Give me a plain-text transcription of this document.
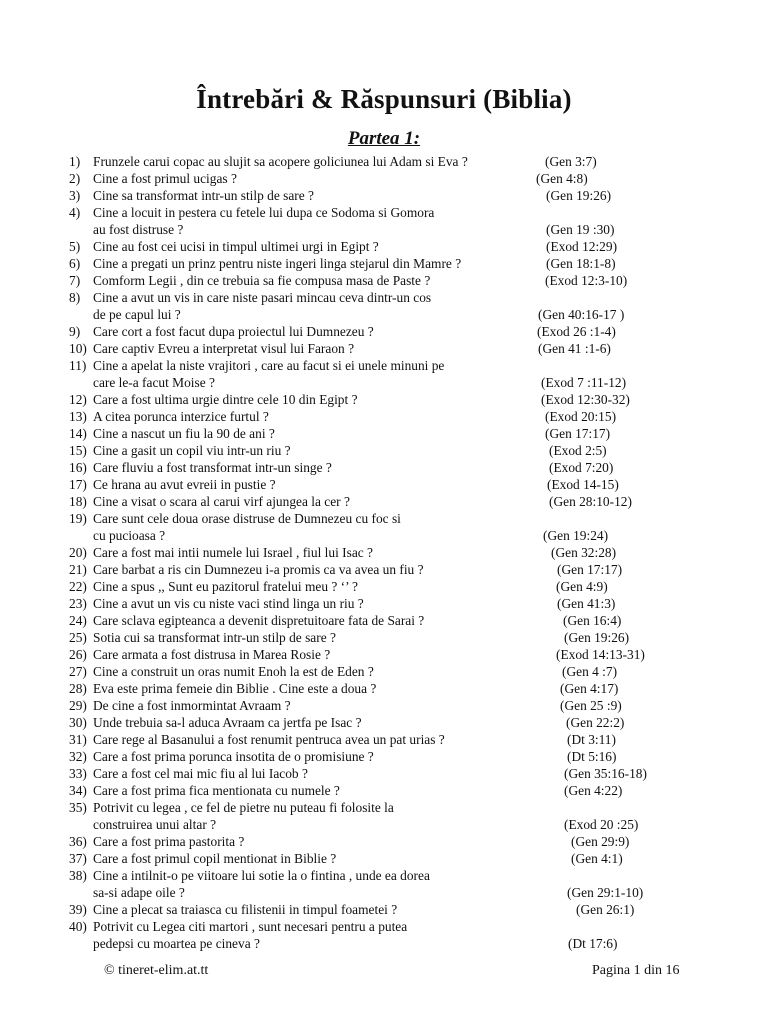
Întrebări & Răspunsuri (Biblia)
Partea 1:
1) Frunzele carui copac au slujit sa acopere goliciunea lui Adam si Eva ?	(Gen 3:7)
2) Cine a fost primul ucigas ?	(Gen 4:8)
3) Cine sa transformat intr-un stilp de sare ?	(Gen 19:26)
4) Cine a locuit in pestera cu fetele lui dupa ce Sodoma si Gomora
au fost distruse ?	(Gen 19 :30)
5) Cine au fost cei ucisi in timpul ultimei urgi in Egipt ?	(Exod 12:29)
6) Cine a pregati un prinz pentru niste ingeri linga stejarul din Mamre ?	(Gen 18:1-8)
7) Comform Legii , din ce trebuia sa fie compusa masa de Paste ?	(Exod 12:3-10)
8) Cine a avut un vis in care niste pasari mincau ceva dintr-un cos
de pe capul lui ?	(Gen 40:16-17 )
9) Care cort a fost facut dupa proiectul lui Dumnezeu ?	(Exod 26 :1-4)
10) Care captiv Evreu a interpretat visul lui Faraon ?	(Gen 41 :1-6)
11) Cine a apelat la niste vrajitori , care au facut si ei unele minuni pe
care le-a facut Moise ?	(Exod 7 :11-12)
12) Care a fost ultima urgie dintre cele 10 din Egipt ?	(Exod 12:30-32)
13) A citea porunca interzice furtul ?	(Exod 20:15)
14) Cine a nascut un fiu la 90 de ani ?	(Gen 17:17)
15) Cine a gasit un copil viu intr-un riu ?	(Exod 2:5)
16) Care fluviu a fost transformat intr-un singe ?	(Exod 7:20)
17) Ce hrana au avut evreii in pustie ?	(Exod 14-15)
18) Cine a visat o scara al carui virf ajungea la cer ?	(Gen 28:10-12)
19) Care sunt cele doua orase distruse de Dumnezeu cu foc si
cu pucioasa ?	(Gen 19:24)
20) Care a fost mai intii numele lui Israel , fiul lui Isac ?	(Gen 32:28)
21) Care barbat a ris cin Dumnezeu i-a promis ca va avea un fiu ?	(Gen 17:17)
22) Cine a spus ,, Sunt eu pazitorul fratelui meu ? ‘’ ?	(Gen 4:9)
23) Cine a avut un vis cu niste vaci stind linga un riu ?	(Gen 41:3)
24) Care sclava egipteanca a devenit dispretuitoare fata de Sarai ?	(Gen 16:4)
25) Sotia cui sa transformat intr-un stilp de sare ?	(Gen 19:26)
26) Care armata a fost distrusa in Marea Rosie ?	(Exod 14:13-31)
27) Cine a construit un oras numit Enoh la est de Eden ?	(Gen 4 :7)
28) Eva este prima femeie din Biblie . Cine este a doua ?	(Gen 4:17)
29) De cine a fost inmormintat Avraam ?	(Gen 25 :9)
30) Unde trebuia sa-l aduca Avraam ca jertfa pe Isac ?	(Gen 22:2)
31) Care rege al Basanului a fost renumit pentruca avea un pat urias ?	(Dt 3:11)
32) Care a fost prima porunca insotita de o promisiune ?	(Dt 5:16)
33) Care a fost cel mai mic fiu al lui Iacob ?	(Gen 35:16-18)
34) Care a fost prima fica mentionata cu numele ?	(Gen 4:22)
35) Potrivit cu legea , ce fel de pietre nu puteau fi folosite la
construirea unui altar ?	(Exod 20 :25)
36) Care a fost prima pastorita ?	(Gen 29:9)
37) Care a fost primul copil mentionat in Biblie ?	(Gen 4:1)
38) Cine a intilnit-o pe viitoare lui sotie la o fintina , unde ea dorea
sa-si adape oile ?	(Gen 29:1-10)
39) Cine a plecat sa traiasca cu filistenii in timpul foametei ?	(Gen 26:1)
40) Potrivit cu Legea citi martori , sunt necesari pentru a putea
pedepsi cu moartea pe cineva ?	(Dt 17:6)
© tineret-elim.at.tt	Pagina 1 din 16
